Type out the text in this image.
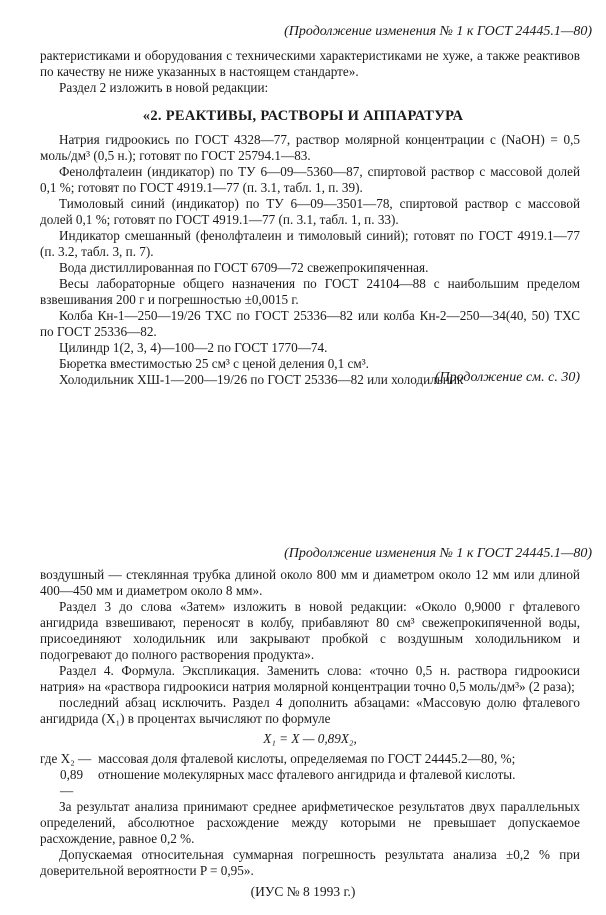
(Продолжение изменения № 1 к ГОСТ 24445.1—80)

рактеристиками и оборудования с техническими характеристиками не хуже, а также реактивов по качеству не ниже указанных в настоящем стандарте».

Раздел 2 изложить в новой редакции:

«2. РЕАКТИВЫ, РАСТВОРЫ И АППАРАТУРА

Натрия гидроокись по ГОСТ 4328—77, раствор молярной концентрации с (NaOH) = 0,5 моль/дм³ (0,5 н.); готовят по ГОСТ 25794.1—83.

Фенолфталеин (индикатор) по ТУ 6—09—5360—87, спиртовой раствор с массовой долей 0,1 %; готовят по ГОСТ 4919.1—77 (п. 3.1, табл. 1, п. 39).

Тимоловый синий (индикатор) по ТУ 6—09—3501—78, спиртовой раствор с массовой долей 0,1 %; готовят по ГОСТ 4919.1—77 (п. 3.1, табл. 1, п. 33).

Индикатор смешанный (фенолфталеин и тимоловый синий); готовят по ГОСТ 4919.1—77 (п. 3.2, табл. 3, п. 7).

Вода дистиллированная по ГОСТ 6709—72 свежепрокипяченная.

Весы лабораторные общего назначения по ГОСТ 24104—88 с наибольшим пределом взвешивания 200 г и погрешностью ±0,0015 г.

Колба Кн-1—250—19/26 ТХС по ГОСТ 25336—82 или колба Кн-2—250—34(40, 50) ТХС по ГОСТ 25336—82.

Цилиндр 1(2, 3, 4)—100—2 по ГОСТ 1770—74.

Бюретка вместимостью 25 см³ с ценой деления 0,1 см³.

Холодильник ХШ-1—200—19/26 по ГОСТ 25336—82 или холодильник

(Продолжение см. с. 30)
(Продолжение изменения № 1 к ГОСТ 24445.1—80)

воздушный — стеклянная трубка длиной около 800 мм и диаметром около 12 мм или длиной 400—450 мм и диаметром около 8 мм».

Раздел 3 до слова «Затем» изложить в новой редакции: «Около 0,9000 г фталевого ангидрида взвешивают, переносят в колбу, прибавляют 80 см³ свежепрокипяченной воды, присоединяют холодильник или закрывают пробкой с воздушным холодильником и подогревают до полного растворения продукта».

Раздел 4. Формула. Экспликация. Заменить слова: «точно 0,5 н. раствора гидроокиси натрия» на «раствора гидроокиси натрия молярной концентрации точно 0,5 моль/дм³» (2 раза);

последний абзац исключить. Раздел 4 дополнить абзацами: «Массовую долю фталевого ангидрида (X₁) в процентах вычисляют по формуле

X₁ = X — 0,89X₂,

где X₂ — массовая доля фталевой кислоты, определяемая по ГОСТ 24445.2—80, %;
0,89 —
отношение молекулярных масс фталевого ангидрида и фталевой кислоты.

За результат анализа принимают среднее арифметическое результатов двух параллельных определений, абсолютное расхождение между которыми не превышает допускаемое расхождение, равное 0,2 %.

Допускаемая относительная суммарная погрешность результата анализа ±0,2 % при доверительной вероятности P = 0,95».

(ИУС № 8 1993 г.)
